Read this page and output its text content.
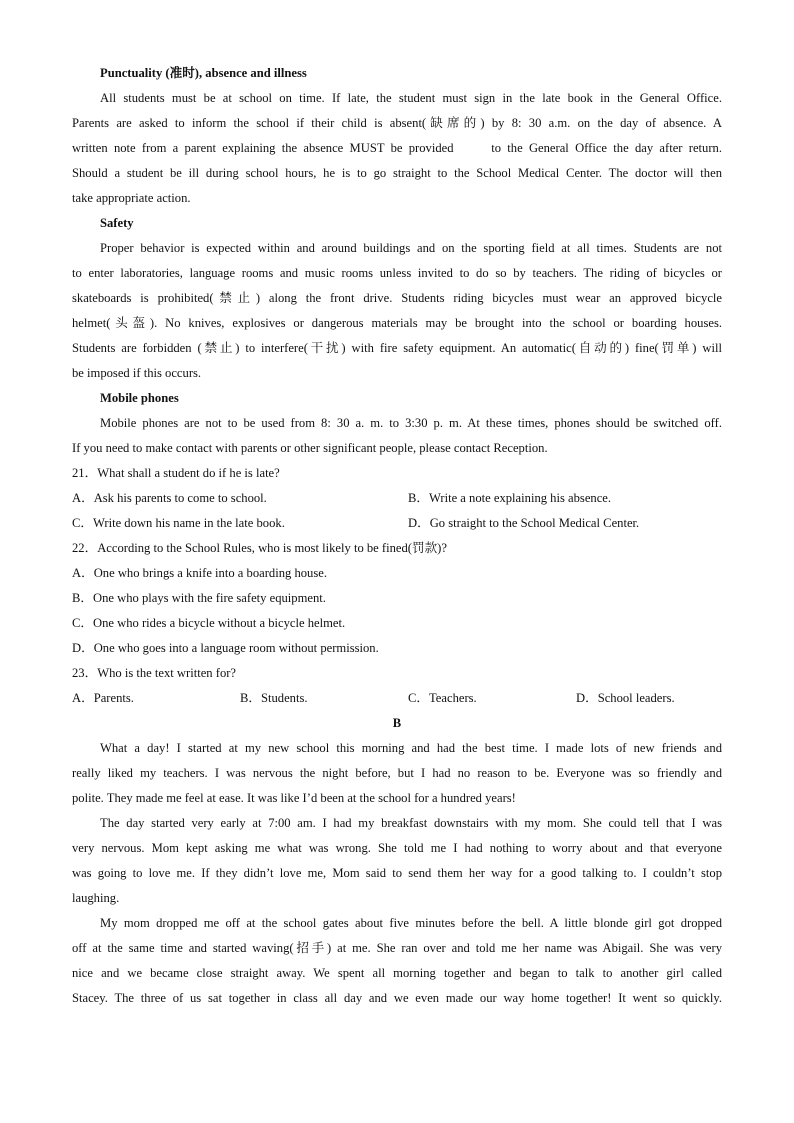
Punctuality (准时), absence and illness
All students must be at school on time. If late, the student must sign in the late book in the General Office.
Parents are asked to inform the school if their child is absent(缺席的) by 8: 30 a.m. on the day of absence. A
written note from a parent explaining the absence MUST be provided      to the General Office the day after return.
Should a student be ill during school hours, he is to go straight to the School Medical Center. The doctor will then
take appropriate action.
Safety
Proper behavior is expected within and around buildings and on the sporting field at all times. Students are not
to enter laboratories, language rooms and music rooms unless invited to do so by teachers. The riding of bicycles or
skateboards is prohibited(禁止) along the front drive. Students riding bicycles must wear an approved bicycle
helmet(头盔). No knives, explosives or dangerous materials may be brought into the school or boarding houses.
Students are forbidden (禁止) to interfere(干扰) with fire safety equipment. An automatic(自动的) fine(罚单) will
be imposed if this occurs.
Mobile phones
Mobile phones are not to be used from 8: 30 a. m. to 3:30 p. m. At these times, phones should be switched off.
If you need to make contact with parents or other significant people, please contact Reception.
21．What shall a student do if he is late?
A．Ask his parents to come to school.	B．Write a note explaining his absence.
C．Write down his name in the late book.	D．Go straight to the School Medical Center.
22．According to the School Rules, who is most likely to be fined(罚款)?
A．One who brings a knife into a boarding house.
B．One who plays with the fire safety equipment.
C．One who rides a bicycle without a bicycle helmet.
D．One who goes into a language room without permission.
23．Who is the text written for?
A．Parents.	B．Students.	C．Teachers.	D．School leaders.
B
What a day! I started at my new school this morning and had the best time. I made lots of new friends and
really liked my teachers. I was nervous the night before, but I had no reason to be. Everyone was so friendly and
polite. They made me feel at ease. It was like I’d been at the school for a hundred years!
The day started very early at 7:00 am. I had my breakfast downstairs with my mom. She could tell that I was
very nervous. Mom kept asking me what was wrong. She told me I had nothing to worry about and that everyone
was going to love me. If they didn’t love me, Mom said to send them her way for a good talking to. I couldn’t stop
laughing.
My mom dropped me off at the school gates about five minutes before the bell. A little blonde girl got dropped
off at the same time and started waving(招手) at me. She ran over and told me her name was Abigail. She was very
nice and we became close straight away. We spent all morning together and began to talk to another girl called
Stacey. The three of us sat together in class all day and we even made our way home together! It went so quickly.
